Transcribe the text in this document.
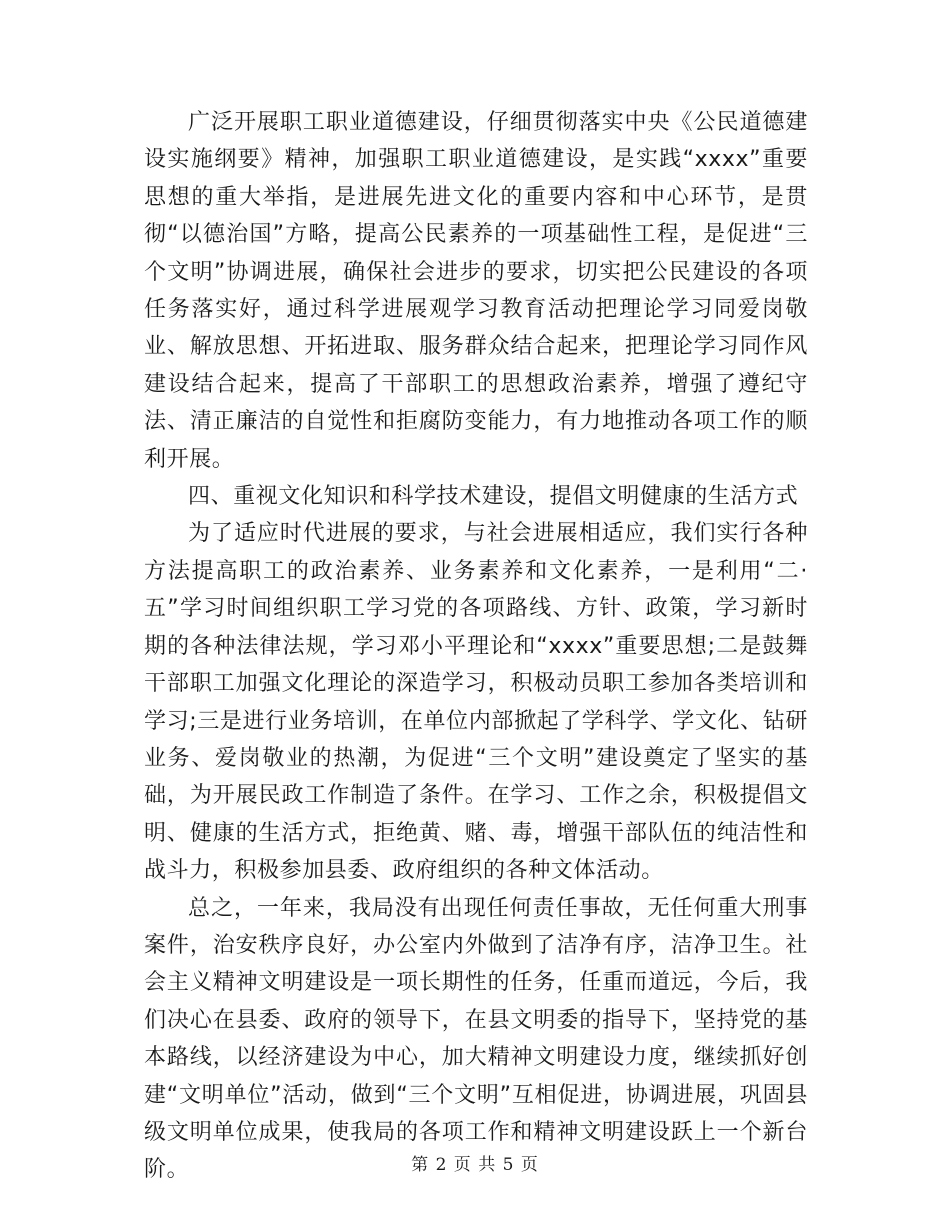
广泛开展职工职业道德建设，仔细贯彻落实中央《公民道德建设实施纲要》精神，加强职工职业道德建设，是实践“xxxx”重要思想的重大举指，是进展先进文化的重要内容和中心环节，是贯彻“以德治国”方略，提高公民素养的一项基础性工程，是促进“三个文明”协调进展，确保社会进步的要求，切实把公民建设的各项任务落实好，通过科学进展观学习教育活动把理论学习同爱岗敬业、解放思想、开拓进取、服务群众结合起来，把理论学习同作风建设结合起来，提高了干部职工的思想政治素养，增强了遵纪守法、清正廉洁的自觉性和拒腐防变能力，有力地推动各项工作的顺利开展。

四、重视文化知识和科学技术建设，提倡文明健康的生活方式

为了适应时代进展的要求，与社会进展相适应，我们实行各种方法提高职工的政治素养、业务素养和文化素养，一是利用“二·五”学习时间组织职工学习党的各项路线、方针、政策，学习新时期的各种法律法规，学习邓小平理论和“xxxx”重要思想;二是鼓舞干部职工加强文化理论的深造学习，积极动员职工参加各类培训和学习;三是进行业务培训，在单位内部掀起了学科学、学文化、钻研业务、爱岗敬业的热潮，为促进“三个文明”建设奠定了坚实的基础，为开展民政工作制造了条件。在学习、工作之余，积极提倡文明、健康的生活方式，拒绝黄、赌、毒，增强干部队伍的纯洁性和战斗力，积极参加县委、政府组织的各种文体活动。

总之，一年来，我局没有出现任何责任事故，无任何重大刑事案件，治安秩序良好，办公室内外做到了洁净有序，洁净卫生。社会主义精神文明建设是一项长期性的任务，任重而道远，今后，我们决心在县委、政府的领导下，在县文明委的指导下，坚持党的基本路线，以经济建设为中心，加大精神文明建设力度，继续抓好创建“文明单位”活动，做到“三个文明”互相促进，协调进展，巩固县级文明单位成果，使我局的各项工作和精神文明建设跃上一个新台阶。	第 2 页 共 5 页
